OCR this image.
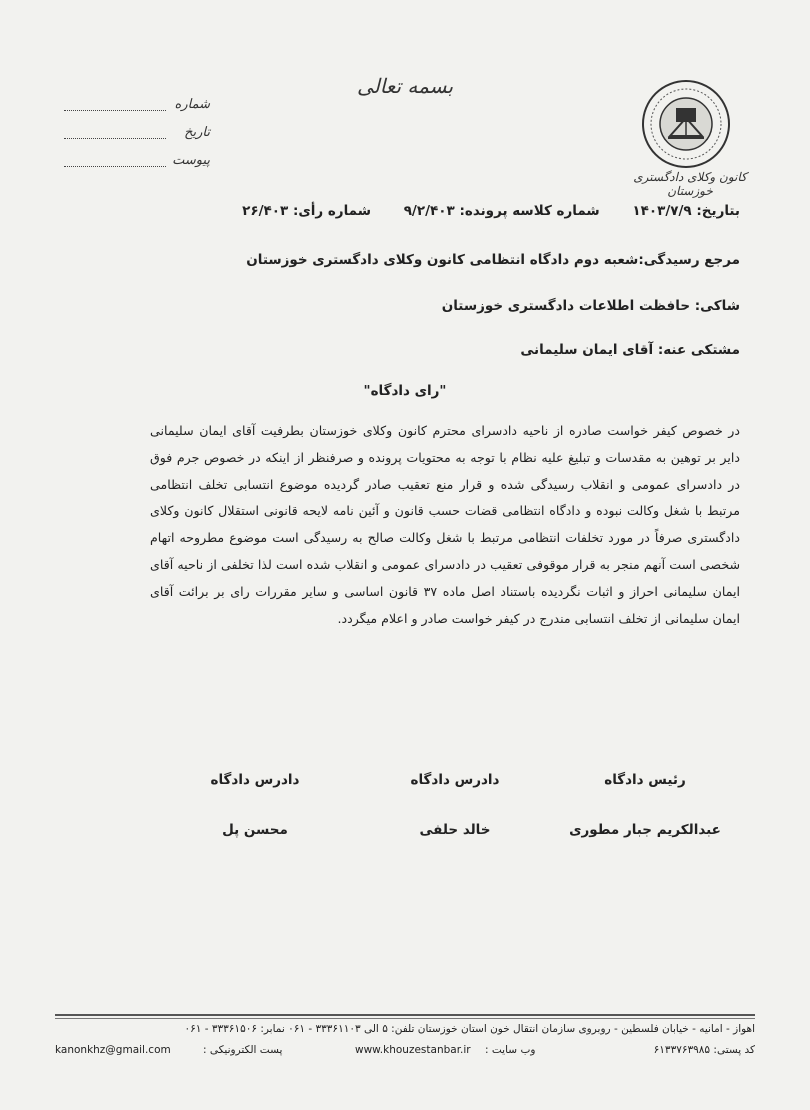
بسمه تعالی
کانون وکلای دادگستری خوزستان
شماره
تاریخ
پیوست
بتاریخ: ۱۴۰۳/۷/۹ شماره کلاسه پرونده: ۹/۲/۴۰۳ شماره رأی: ۲۶/۴۰۳
مرجع رسیدگی:شعبه دوم دادگاه انتظامی کانون وکلای دادگستری خوزستان
شاکی: حافظت اطلاعات دادگستری خوزستان
مشتکی عنه: آقای ایمان سلیمانی
"رای دادگاه"
در خصوص کیفر خواست صادره از ناحیه دادسرای محترم کانون وکلای خوزستان بطرفیت آقای ایمان سلیمانی دایر بر توهین به مقدسات و تبلیغ علیه نظام با توجه به محتویات پرونده و صرفنظر از اینکه در خصوص جرم فوق در دادسرای عمومی و انقلاب رسیدگی شده و قرار منع تعقیب صادر گردیده موضوع انتسابی تخلف انتظامی مرتبط با شغل وکالت نبوده و دادگاه انتظامی قضات حسب قانون و آئین نامه لایحه قانونی استقلال کانون وکلای دادگستری صرفاً در مورد تخلفات انتظامی مرتبط با شغل وکالت صالح به رسیدگی است موضوع مطروحه اتهام شخصی است آنهم منجر به قرار موقوفی تعقیب در دادسرای عمومی و انقلاب شده است لذا تخلفی از ناحیه آقای ایمان سلیمانی احراز و اثبات نگردیده باستناد اصل ماده ۳۷ قانون اساسی و سایر مقررات رای بر برائت آقای ایمان سلیمانی از تخلف انتسابی مندرج در کیفر خواست صادر و اعلام میگردد.
رئیس دادگاه
دادرس دادگاه
دادرس دادگاه
عبدالکریم جبار مطوری
خالد حلفی
محسن پل
اهواز - امانیه - خیابان فلسطین - روبروی سازمان انتقال خون استان خوزستان تلفن: ۵ الی ۳۳۳۶۱۱۰۳ - ۰۶۱ نمابر: ۳۳۳۶۱۵۰۶ - ۰۶۱
کد پستی: ۶۱۳۳۷۶۳۹۸۵
وب سایت :
www.khouzestanbar.ir
پست الکترونیکی :
kanonkhz@gmail.com
